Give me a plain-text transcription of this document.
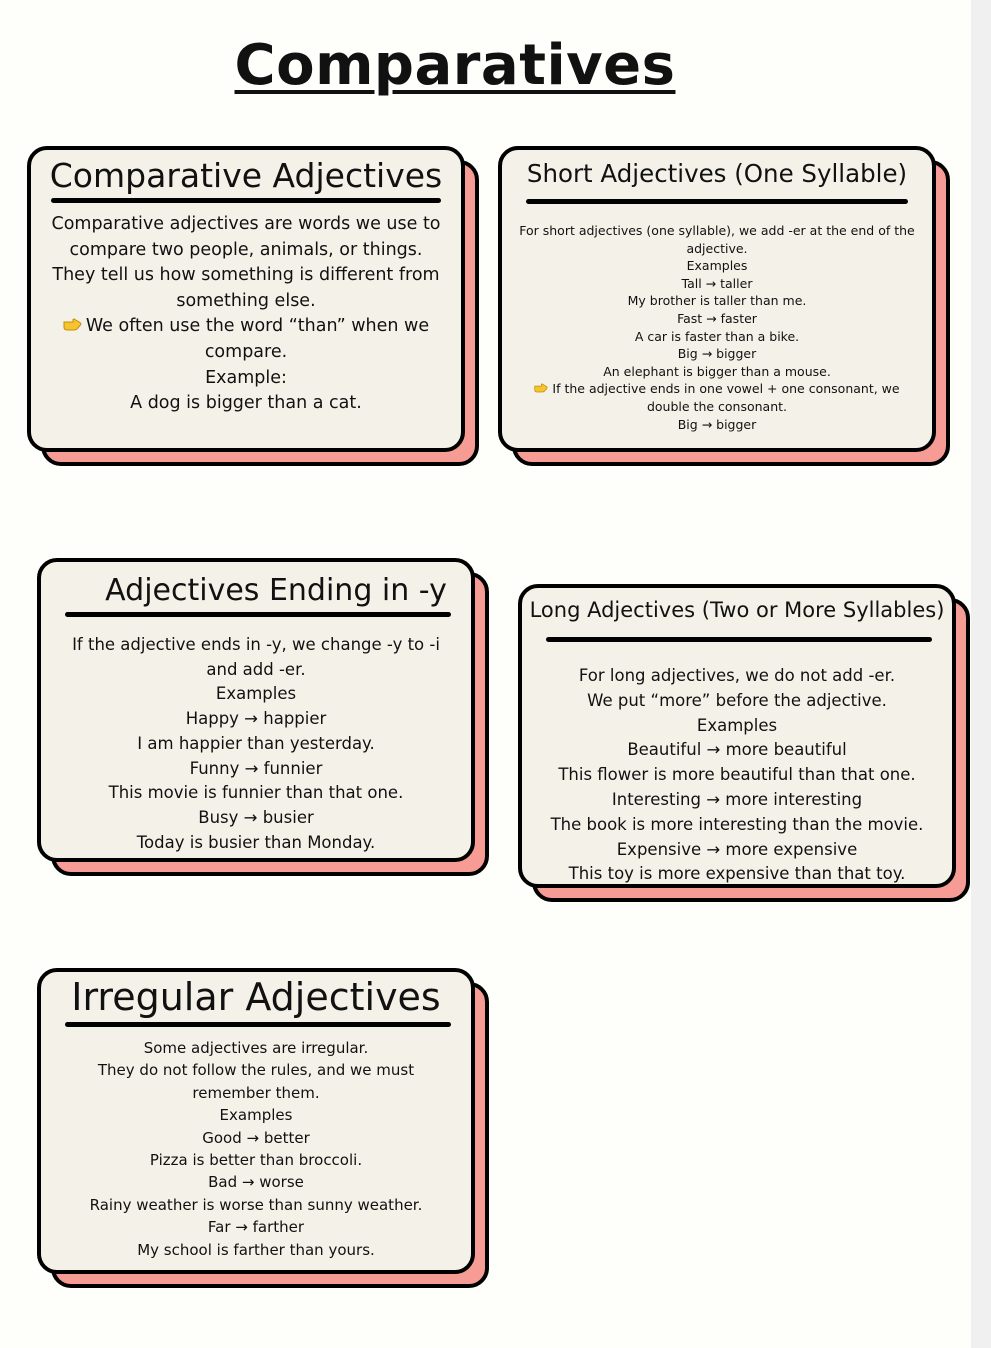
Comparatives
Comparative Adjectives
Comparative adjectives are words we use to
compare two people, animals, or things.
They tell us how something is different from
something else.
We often use the word “than” when we
compare.
Example:
A dog is bigger than a cat.
Short Adjectives (One Syllable)
For short adjectives (one syllable), we add -er at the end of the
adjective.
Examples
Tall → taller
My brother is taller than me.
Fast → faster
A car is faster than a bike.
Big → bigger
An elephant is bigger than a mouse.
If the adjective ends in one vowel + one consonant, we
double the consonant.
Big → bigger
Adjectives Ending in -y
If the adjective ends in -y, we change -y to -i
and add -er.
Examples
Happy → happier
I am happier than yesterday.
Funny → funnier
This movie is funnier than that one.
Busy → busier
Today is busier than Monday.
Long Adjectives (Two or More Syllables)
For long adjectives, we do not add -er.
We put “more” before the adjective.
Examples
Beautiful → more beautiful
This flower is more beautiful than that one.
Interesting → more interesting
The book is more interesting than the movie.
Expensive → more expensive
This toy is more expensive than that toy.
Irregular Adjectives
Some adjectives are irregular.
They do not follow the rules, and we must
remember them.
Examples
Good → better
Pizza is better than broccoli.
Bad → worse
Rainy weather is worse than sunny weather.
Far → farther
My school is farther than yours.
